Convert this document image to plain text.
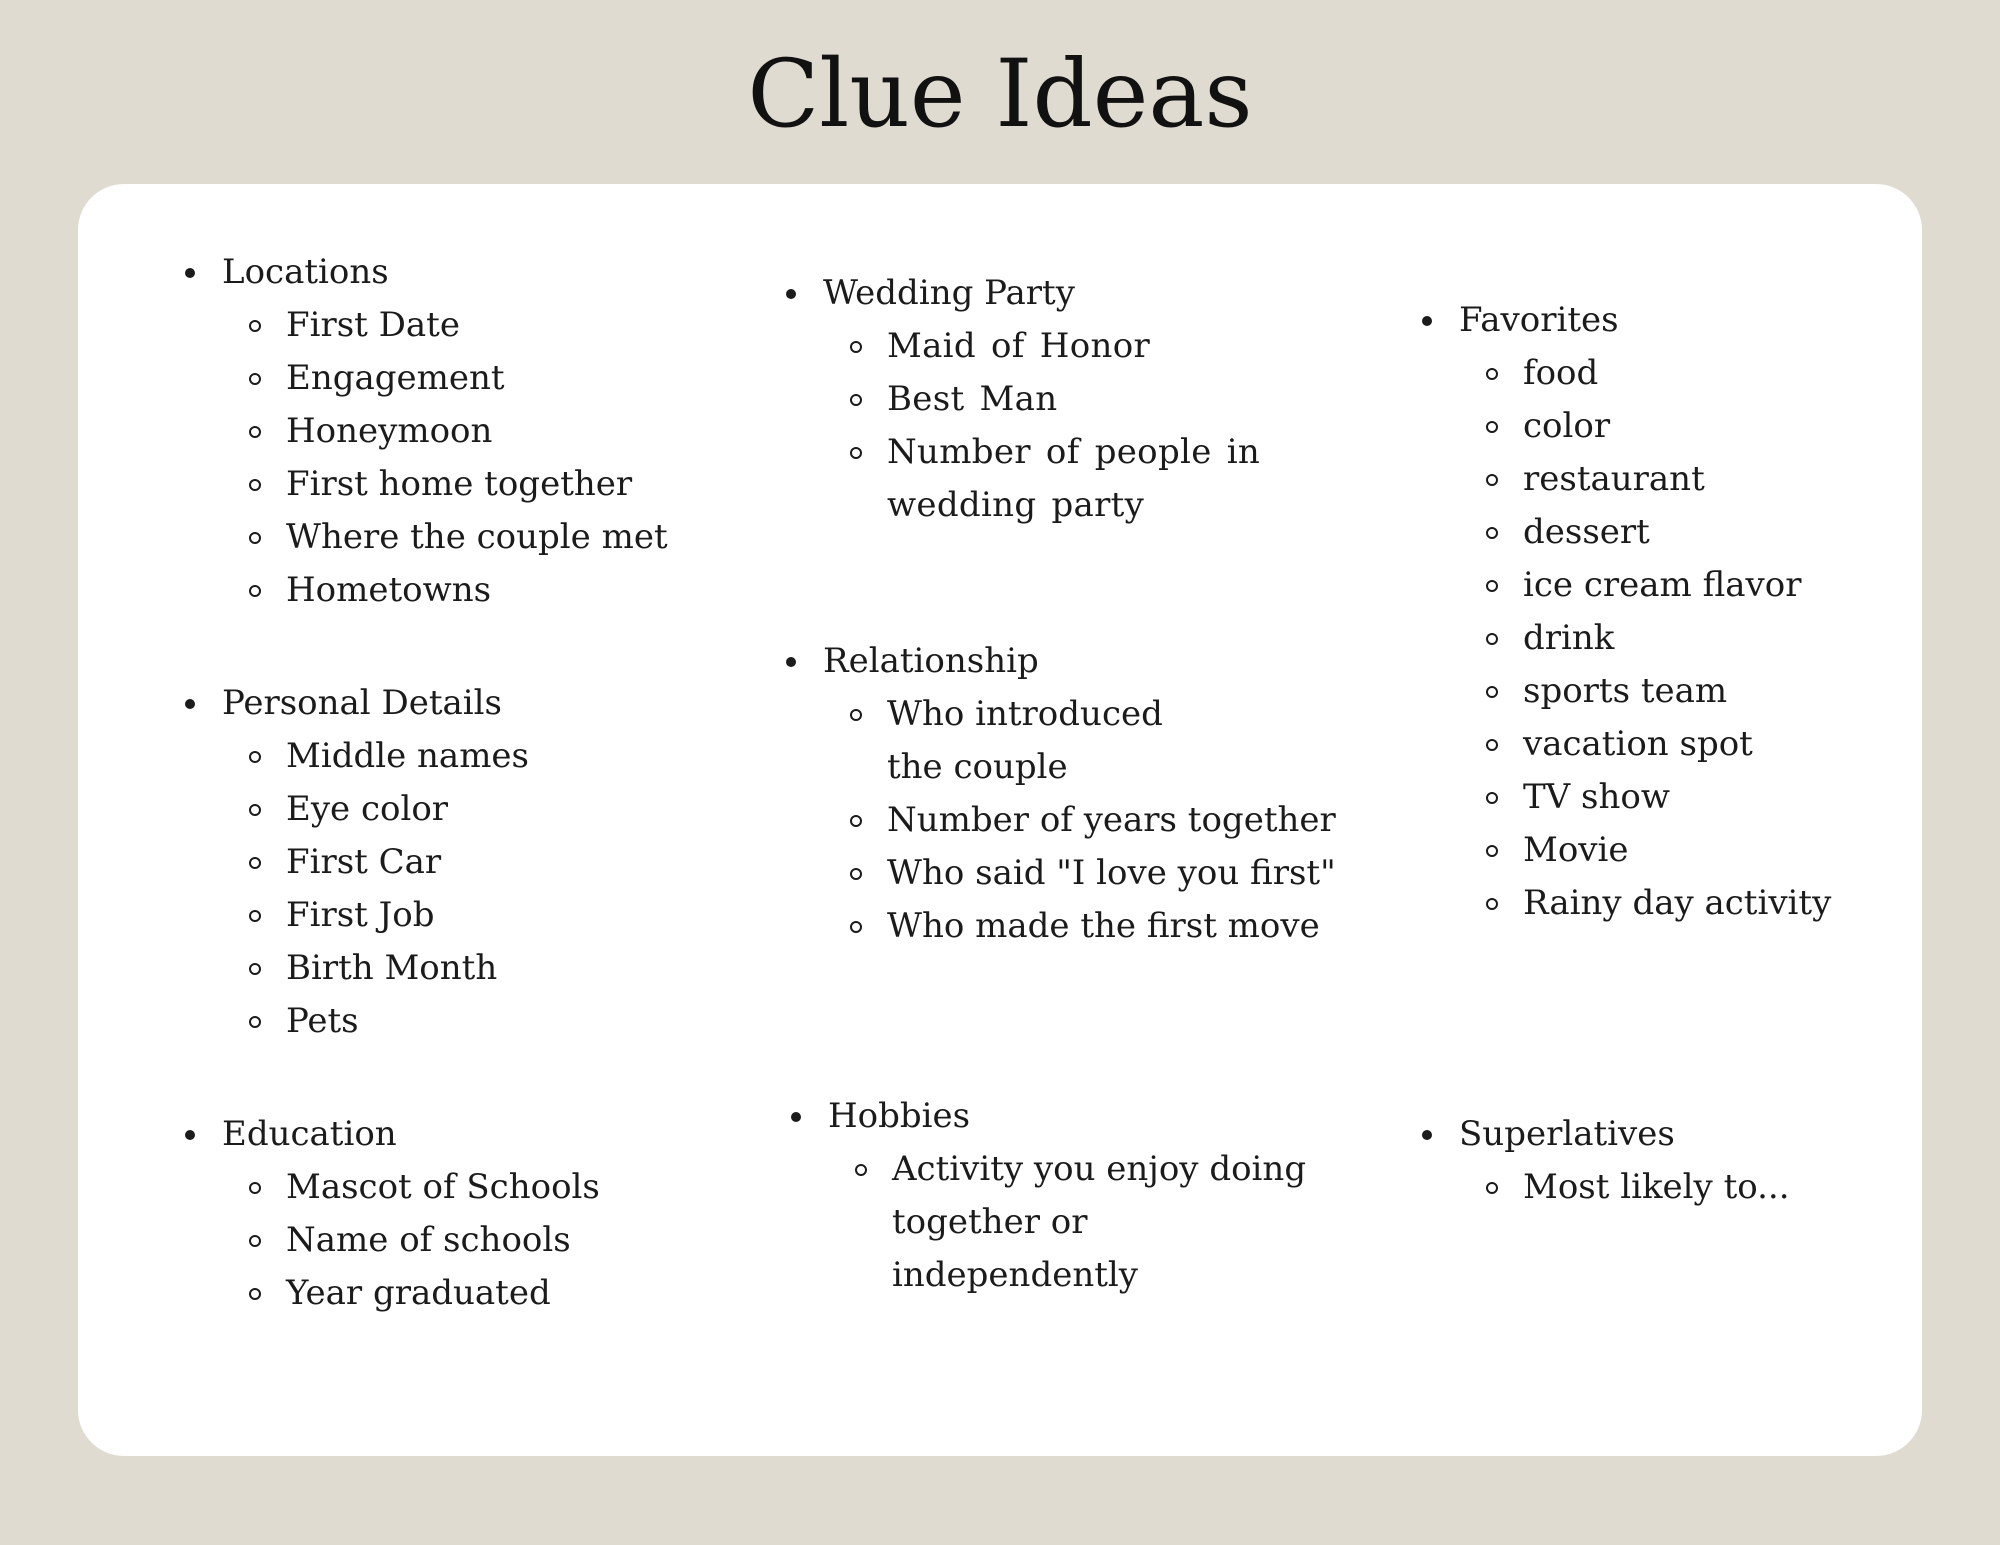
Clue Ideas
Locations
First Date
Engagement
Honeymoon
First home together
Where the couple met
Hometowns
Personal Details
Middle names
Eye color
First Car
First Job
Birth Month
Pets
Education
Mascot of Schools
Name of schools
Year graduated
Wedding Party
Maid of Honor
Best Man
Number of people in wedding party
Relationship
Who introduced the couple
Number of years together
Who said "I love you first"
Who made the first move
Hobbies
Activity you enjoy doing together or independently
Favorites
food
color
restaurant
dessert
ice cream flavor
drink
sports team
vacation spot
TV show
Movie
Rainy day activity
Superlatives
Most likely to...
